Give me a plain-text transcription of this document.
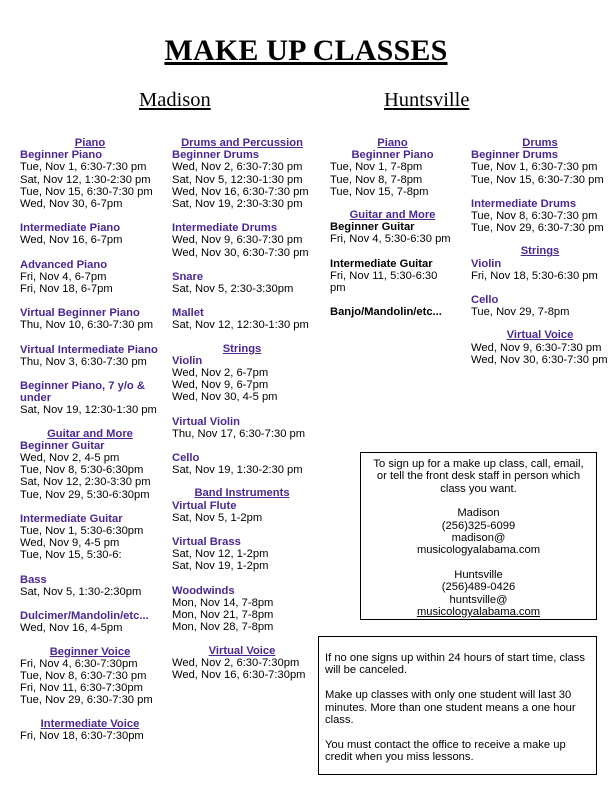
MAKE UP CLASSES
Madison	Huntsville
Piano
Beginner Piano
Tue, Nov 1, 6:30-7:30 pm
Sat, Nov 12, 1:30-2:30 pm
Tue, Nov 15, 6:30-7:30 pm
Wed, Nov 30, 6-7pm
Intermediate Piano
Wed, Nov 16, 6-7pm
Advanced Piano
Fri, Nov 4, 6-7pm
Fri, Nov 18, 6-7pm
Virtual Beginner Piano
Thu, Nov 10, 6:30-7:30 pm
Virtual Intermediate Piano
Thu, Nov 3, 6:30-7:30 pm
Beginner Piano, 7 y/o & under
Sat, Nov 19, 12:30-1:30 pm
Guitar and More
Beginner Guitar
Wed, Nov 2, 4-5 pm
Tue, Nov 8, 5:30-6:30pm
Sat, Nov 12, 2:30-3:30 pm
Tue, Nov 29, 5:30-6:30pm
Intermediate Guitar
Tue, Nov 1, 5:30-6:30pm
Wed, Nov 9, 4-5 pm
Tue, Nov 15, 5:30-6:
Bass
Sat, Nov 5, 1:30-2:30pm
Dulcimer/Mandolin/etc...
Wed, Nov 16, 4-5pm
Beginner Voice
Fri, Nov 4, 6:30-7:30pm
Tue, Nov 8, 6:30-7:30 pm
Fri, Nov 11, 6:30-7:30pm
Tue, Nov 29, 6:30-7:30 pm
Intermediate Voice
Fri, Nov 18, 6:30-7:30pm
Drums and Percussion
Beginner Drums
Wed, Nov 2, 6:30-7:30 pm
Sat, Nov 5, 12:30-1:30 pm
Wed, Nov 16, 6:30-7:30 pm
Sat, Nov 19, 2:30-3:30 pm
Intermediate Drums
Wed, Nov 9, 6:30-7:30 pm
Wed, Nov 30, 6:30-7:30 pm
Snare
Sat, Nov 5, 2:30-3:30pm
Mallet
Sat, Nov 12, 12:30-1:30 pm
Strings
Violin
Wed, Nov 2, 6-7pm
Wed, Nov 9, 6-7pm
Wed, Nov 30, 4-5 pm
Virtual Violin
Thu, Nov 17, 6:30-7:30 pm
Cello
Sat, Nov 19, 1:30-2:30 pm
Band Instruments
Virtual Flute
Sat, Nov 5, 1-2pm
Virtual Brass
Sat, Nov 12, 1-2pm
Sat, Nov 19, 1-2pm
Woodwinds
Mon, Nov 14, 7-8pm
Mon, Nov 21, 7-8pm
Mon, Nov 28, 7-8pm
Virtual Voice
Wed, Nov 2, 6:30-7:30pm
Wed, Nov 16, 6:30-7:30pm
Piano
Beginner Piano
Tue, Nov 1, 7-8pm
Tue, Nov 8, 7-8pm
Tue, Nov 15, 7-8pm
Guitar and More
Beginner Guitar
Fri, Nov 4, 5:30-6:30 pm
Intermediate Guitar
Fri, Nov 11, 5:30-6:30 pm
Banjo/Mandolin/etc...
Drums
Beginner Drums
Tue, Nov 1, 6:30-7:30 pm
Tue, Nov 15, 6:30-7:30 pm
Intermediate Drums
Tue, Nov 8, 6:30-7:30 pm
Tue, Nov 29, 6:30-7:30 pm
Strings
Violin
Fri, Nov 18, 5:30-6:30 pm
Cello
Tue, Nov 29, 7-8pm
Virtual Voice
Wed, Nov 9, 6:30-7:30 pm
Wed, Nov 30, 6:30-7:30 pm
To sign up for a make up class, call, email, or tell the front desk staff in person which class you want.
Madison
(256)325-6099
madison@
musicologyalabama.com
Huntsville
(256)489-0426
huntsville@
musicologyalabama.com

If no one signs up within 24 hours of start time, class will be canceled.

Make up classes with only one student will last 30 minutes. More than one student means a one hour class.

You must contact the office to receive a make up credit when you miss lessons.
